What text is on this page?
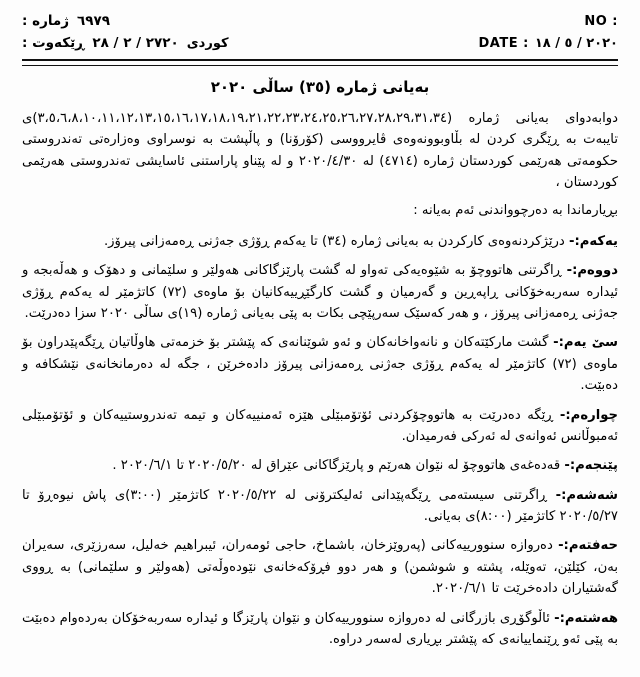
NO :
ژماره : ٦٩٧٩
DATE : ٢٠٢٠ / ٥ / ١٨
ڕێکەوت : ٢٧٢٠ / ٢ / ٢٨ کوردی
بەیانی ژمارە (٣٥) ساڵی ٢٠٢٠
دوابەدوای بەیانی ژمارە (٣،٥،٦،٨،١٠،١١،١٢،١٣،١٥،١٦،١٧،١٨،١٩،٢١،٢٢،٢٣،٢٤،٢٥،٢٦،٢٧،٢٨،٢٩،٣١،٣٤)ی تایبەت بە ڕێگری کردن لە بڵاوبوونەوەی ڤایرووسی (کۆرۆنا) و پاڵپشت بە نوسراوی وەزارەتی تەندروستی حکومەتی هەرێمی کوردستان ژمارە (٤٧١٤) لە ٢٠٢٠/٤/٣٠ و لە پێناو پاراستنی ئاسایشی تەندروستی هەرێمی کوردستان ،
بڕیارماندا بە دەرچوواندنی ئەم بەیانە :
یەکەم:- درێژکردنەوەی کارکردن بە بەیانی ژمارە (٣٤) تا یەکەم ڕۆژی جەژنی ڕەمەزانی پیرۆز.
دووەم:- ڕاگرتنی هاتووچۆ بە شێوەیەکی تەواو لە گشت پارێزگاکانی هەولێر و سلێمانی و دهۆک و هەڵەبجە و ئیدارە سەربەخۆکانی ڕاپەڕین و گەرمیان و گشت کارگێڕییەکانیان بۆ ماوەی (٧٢) کاتژمێر لە یەکەم ڕۆژی جەژنی ڕەمەزانی پیرۆز ، و هەر کەسێک سەرپێچی بکات بە پێی بەیانی ژمارە (١٩)ی ساڵی ٢٠٢٠ سزا دەدرێت.
سێ یەم:- گشت مارکێتەکان و نانەواخانەکان و ئەو شوێنانەی کە پێشتر بۆ خزمەتی هاوڵاتیان ڕێگەپێدراون بۆ ماوەی (٧٢) کاتژمێر لە یەکەم ڕۆژی جەژنی ڕەمەزانی پیرۆز دادەخرێن ، جگە لە دەرمانخانەی نێشکافە و دەبێت.
چوارەم:- ڕێگە دەدرێت بە هاتووچۆکردنی ئۆتۆمبێلی هێزە ئەمنییەکان و تیمە تەندروستییەکان و ئۆتۆمبێلی ئەمبوڵانس ئەوانەی لە ئەرکی فەرمیدان.
پێنجەم:- قەدەغەی هاتووچۆ لە نێوان هەرێم و پارێزگاکانی عێراق لە ٢٠٢٠/٥/٢٠ تا ٢٠٢٠/٦/١ .
شەشەم:- ڕاگرتنی سیستەمی ڕێگەپێدانی ئەلیکترۆنی لە ٢٠٢٠/٥/٢٢ کاتژمێر (٣:٠٠)ی پاش نیوەڕۆ تا ٢٠٢٠/٥/٢٧ کاتژمێر (٨:٠٠)ی بەیانی.
حەفتەم:- دەروازە سنوورییەکانی (پەروێزخان، باشماخ، حاجی ئومەران، ئیبراهیم خەلیل، سەرزێری، سەیران بەن، کێلێن، تەوێلە، پشتە و شوشمن) و هەر دوو فڕۆکەخانەی نێودەوڵەتی (هەولێر و سلێمانی) بە ڕووی گەشتیاران دادەخرێت تا ٢٠٢٠/٦/١.
هەشتەم:- ئاڵوگۆڕی بازرگانی لە دەروازە سنوورییەکان و نێوان پارێزگا و ئیدارە سەربەخۆکان بەردەوام دەبێت بە پێی ئەو ڕێنماییانەی کە پێشتر بڕیاری لەسەر دراوە.
